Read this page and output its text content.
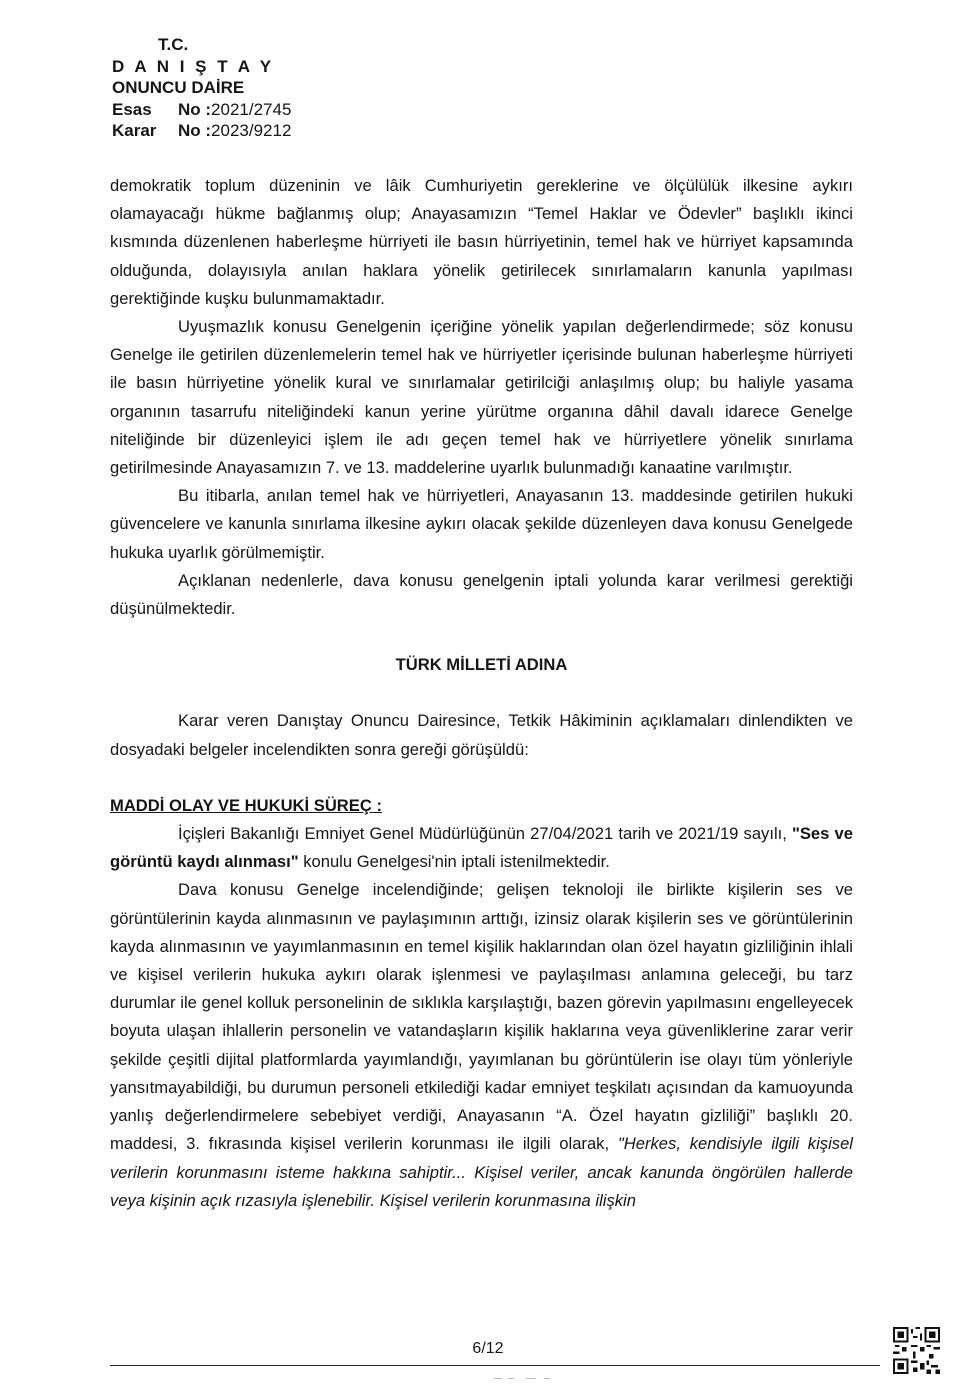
T.C.
D A N I Ş T A Y
ONUNCU DAİRE
Esas	No : 2021/2745
Karar	No : 2023/9212

demokratik toplum düzeninin ve lâik Cumhuriyetin gereklerine ve ölçülülük ilkesine aykırı olamayacağı hükme bağlanmış olup; Anayasamızın “Temel Haklar ve Ödevler” başlıklı ikinci kısmında düzenlenen haberleşme hürriyeti ile basın hürriyetinin, temel hak ve hürriyet kapsamında olduğunda, dolayısıyla anılan haklara yönelik getirilecek sınırlamaların kanunla yapılması gerektiğinde kuşku bulunmamaktadır.

Uyuşmazlık konusu Genelgenin içeriğine yönelik yapılan değerlendirmede; söz konusu Genelge ile getirilen düzenlemelerin temel hak ve hürriyetler içerisinde bulunan haberleşme hürriyeti ile basın hürriyetine yönelik kural ve sınırlamalar getirilciği anlaşılmış olup; bu haliyle yasama organının tasarrufu niteliğindeki kanun yerine yürütme organına dâhil davalı idarece Genelge niteliğinde bir düzenleyici işlem ile adı geçen temel hak ve hürriyetlere yönelik sınırlama getirilmesinde Anayasamızın 7. ve 13. maddelerine uyarlık bulunmadığı kanaatine varılmıştır.

Bu itibarla, anılan temel hak ve hürriyetleri, Anayasanın 13. maddesinde getirilen hukuki güvencelere ve kanunla sınırlama ilkesine aykırı olacak şekilde düzenleyen dava konusu Genelgede hukuka uyarlık görülmemiştir.

Açıklanan nedenlerle, dava konusu genelgenin iptali yolunda karar verilmesi gerektiği düşünülmektedir.

TÜRK MİLLETİ ADINA

Karar veren Danıştay Onuncu Dairesince, Tetkik Hâkiminin açıklamaları dinlendikten ve dosyadaki belgeler incelendikten sonra gereği görüşüldü:

MADDİ OLAY VE HUKUKİ SÜREÇ :

İçişleri Bakanlığı Emniyet Genel Müdürlüğünün 27/04/2021 tarih ve 2021/19 sayılı, "Ses ve görüntü kaydı alınması" konulu Genelgesi'nin iptali istenilmektedir.

Dava konusu Genelge incelendiğinde; gelişen teknoloji ile birlikte kişilerin ses ve görüntülerinin kayda alınmasının ve paylaşımının arttığı, izinsiz olarak kişilerin ses ve görüntülerinin kayda alınmasının ve yayımlanmasının en temel kişilik haklarından olan özel hayatın gizliliğinin ihlali ve kişisel verilerin hukuka aykırı olarak işlenmesi ve paylaşılması anlamına geleceği, bu tarz durumlar ile genel kolluk personelinin de sıklıkla karşılaştığı, bazen görevin yapılmasını engelleyecek boyuta ulaşan ihlallerin personelin ve vatandaşların kişilik haklarına veya güvenliklerine zarar verir şekilde çeşitli dijital platformlarda yayımlandığı, yayımlanan bu görüntülerin ise olayı tüm yönleriyle yansıtmayabildiği, bu durumun personeli etkilediği kadar emniyet teşkilatı açısından da kamuoyunda yanlış değerlendirmelere sebebiyet verdiği, Anayasanın “A. Özel hayatın gizliliği” başlıklı 20. maddesi, 3. fıkrasında kişisel verilerin korunması ile ilgili olarak, "Herkes, kendisiyle ilgili kişisel verilerin korunmasını isteme hakkına sahiptir... Kişisel veriler, ancak kanunda öngörülen hallerde veya kişinin açık rızasıyla işlenebilir. Kişisel verilerin korunmasına ilişkin

6/12
